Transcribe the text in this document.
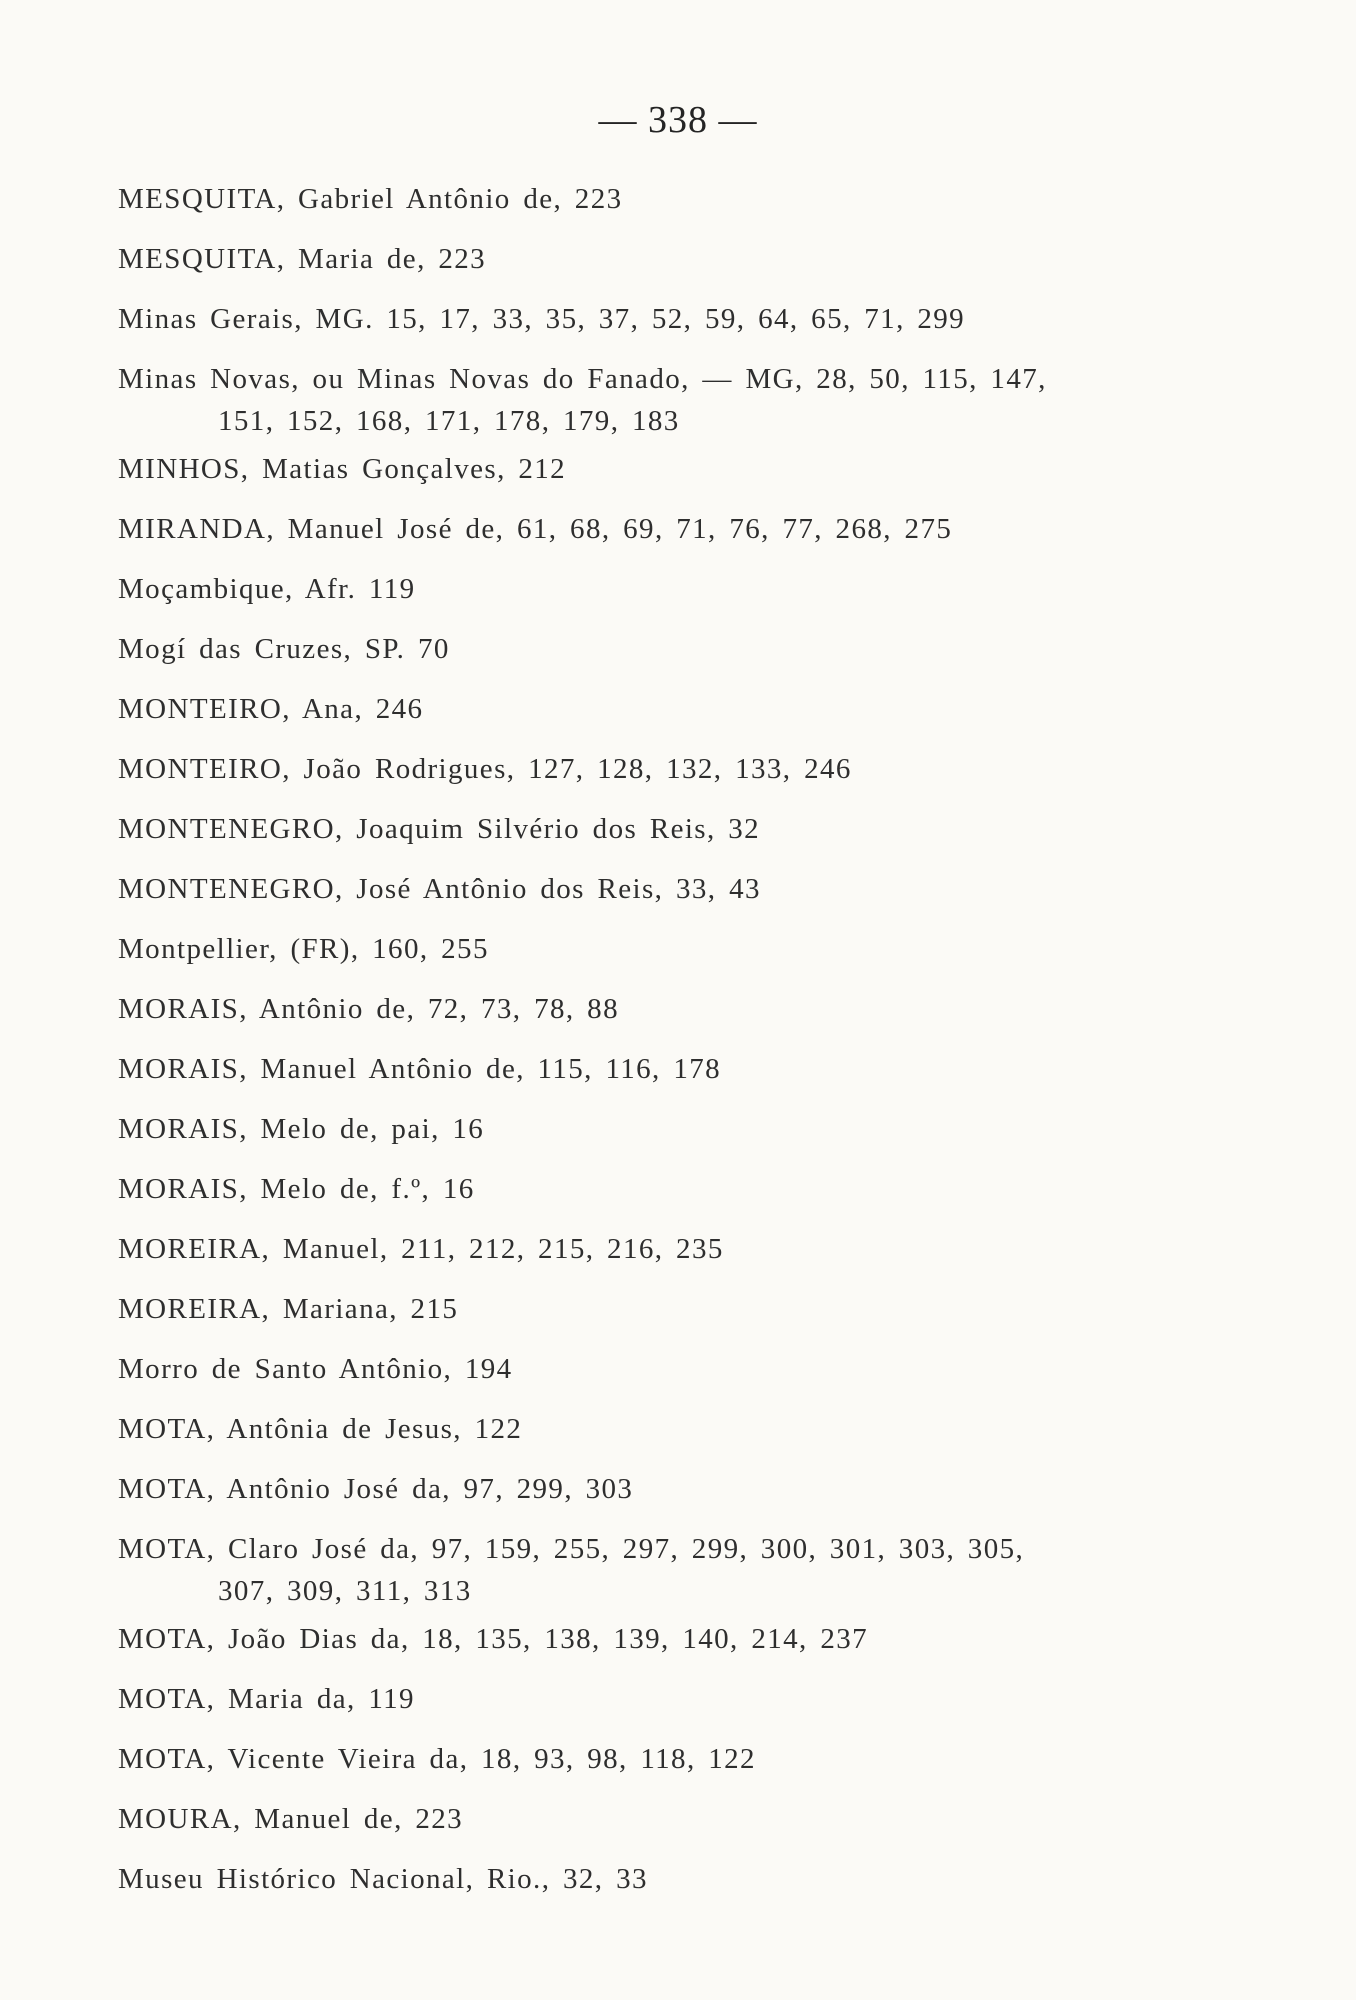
— 338 —
MESQUITA, Gabriel Antônio de, 223
MESQUITA, Maria de, 223
Minas Gerais, MG. 15, 17, 33, 35, 37, 52, 59, 64, 65, 71, 299
Minas Novas, ou Minas Novas do Fanado, — MG, 28, 50, 115, 147,
151, 152, 168, 171, 178, 179, 183
MINHOS, Matias Gonçalves, 212
MIRANDA, Manuel José de, 61, 68, 69, 71, 76, 77, 268, 275
Moçambique, Afr. 119
Mogí das Cruzes, SP. 70
MONTEIRO, Ana, 246
MONTEIRO, João Rodrigues, 127, 128, 132, 133, 246
MONTENEGRO, Joaquim Silvério dos Reis, 32
MONTENEGRO, José Antônio dos Reis, 33, 43
Montpellier, (FR), 160, 255
MORAIS, Antônio de, 72, 73, 78, 88
MORAIS, Manuel Antônio de, 115, 116, 178
MORAIS, Melo de, pai, 16
MORAIS, Melo de, f.º, 16
MOREIRA, Manuel, 211, 212, 215, 216, 235
MOREIRA, Mariana, 215
Morro de Santo Antônio, 194
MOTA, Antônia de Jesus, 122
MOTA, Antônio José da, 97, 299, 303
MOTA, Claro José da, 97, 159, 255, 297, 299, 300, 301, 303, 305,
307, 309, 311, 313
MOTA, João Dias da, 18, 135, 138, 139, 140, 214, 237
MOTA, Maria da, 119
MOTA, Vicente Vieira da, 18, 93, 98, 118, 122
MOURA, Manuel de, 223
Museu Histórico Nacional, Rio., 32, 33
